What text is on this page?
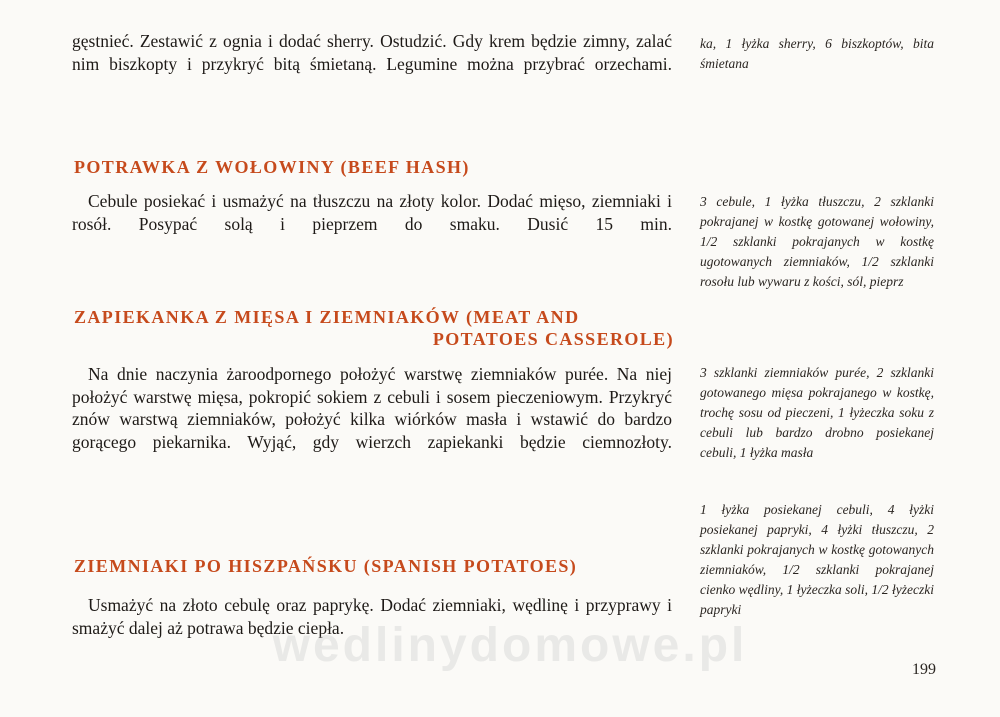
gęstnieć. Zestawić z ognia i dodać sherry. Ostudzić. Gdy krem będzie zimny, zalać nim biszkopty i przykryć bitą śmietaną. Legumine można przybrać orzechami.

ka, 1 łyżka sherry, 6 biszkoptów, bita śmietana

POTRAWKA Z WOŁOWINY (BEEF HASH)

Cebule posiekać i usmażyć na tłuszczu na złoty kolor. Dodać mięso, ziemniaki i rosół. Posypać solą i pieprzem do smaku. Dusić 15 min.

3 cebule, 1 łyżka tłuszczu, 2 szklanki pokrajanej w kostkę gotowanej wołowiny, 1/2 szklanki pokrajanych w kostkę ugotowanych ziemniaków, 1/2 szklanki rosołu lub wywaru z kości, sól, pieprz

ZAPIEKANKA Z MIĘSA I ZIEMNIAKÓW (MEAT AND
POTATOES CASSEROLE)

Na dnie naczynia żaroodpornego położyć warstwę ziemniaków purée. Na niej położyć warstwę mięsa, pokropić sokiem z cebuli i sosem pieczeniowym. Przykryć znów warstwą ziemniaków, położyć kilka wiórków masła i wstawić do bardzo gorącego piekarnika. Wyjąć, gdy wierzch zapiekanki będzie ciemnozłoty.

3 szklanki ziemniaków purée, 2 szklanki gotowanego mięsa pokrajanego w kostkę, trochę sosu od pieczeni, 1 łyżeczka soku z cebuli lub bardzo drobno posiekanej cebuli, 1 łyżka masła

ZIEMNIAKI PO HISZPAŃSKU (SPANISH POTATOES)

Usmażyć na złoto cebulę oraz paprykę. Dodać ziemniaki, wędlinę i przyprawy i smażyć dalej aż potrawa będzie ciepła.

1 łyżka posiekanej cebuli, 4 łyżki posiekanej papryki, 4 łyżki tłuszczu, 2 szklanki pokrajanych w kostkę gotowanych ziemniaków, 1/2 szklanki pokrajanej cienko wędliny, 1 łyżeczka soli, 1/2 łyżeczki papryki

wedlinydomowe.pl	199
